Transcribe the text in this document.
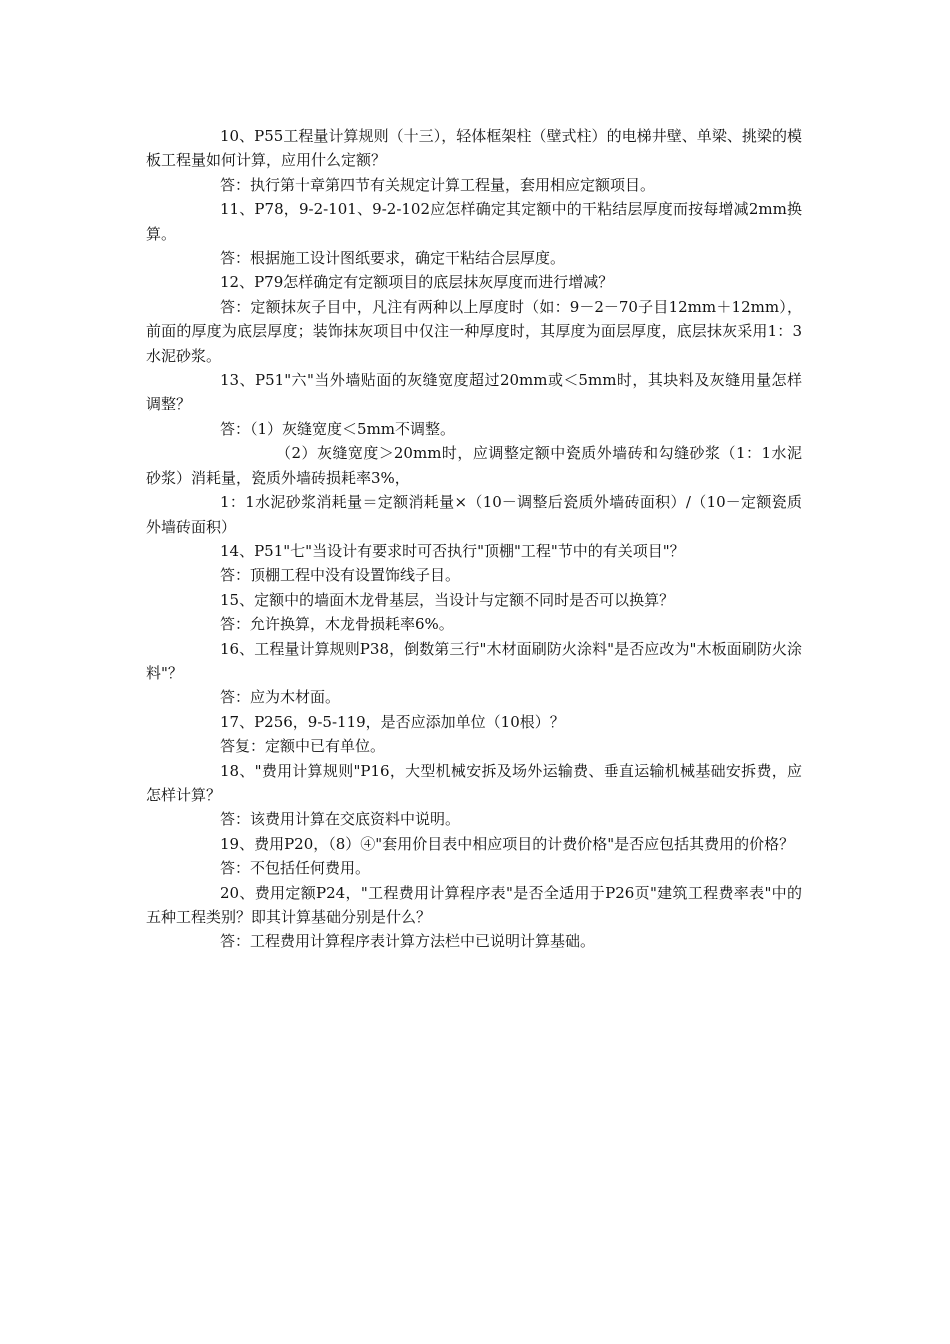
10、P55工程量计算规则（十三），轻体框架柱（壁式柱）的电梯井壁、单梁、挑梁的模板工程量如何计算，应用什么定额？

答：执行第十章第四节有关规定计算工程量，套用相应定额项目。

11、P78，9-2-101、9-2-102应怎样确定其定额中的干粘结层厚度而按每增减2mm换算。

答：根据施工设计图纸要求，确定干粘结合层厚度。

12、P79怎样确定有定额项目的底层抹灰厚度而进行增减？

答：定额抹灰子目中，凡注有两种以上厚度时（如：9－2－70子目12mm＋12mm），前面的厚度为底层厚度；装饰抹灰项目中仅注一种厚度时，其厚度为面层厚度，底层抹灰采用1：3水泥砂浆。

13、P51"六"当外墙贴面的灰缝宽度超过20mm或＜5mm时，其块料及灰缝用量怎样调整？

答：（1）灰缝宽度＜5mm不调整。

（2）灰缝宽度＞20mm时，应调整定额中瓷质外墙砖和勾缝砂浆（1：1水泥砂浆）消耗量，瓷质外墙砖损耗率3%，

1：1水泥砂浆消耗量＝定额消耗量×（10－调整后瓷质外墙砖面积）/（10－定额瓷质外墙砖面积）

14、P51"七"当设计有要求时可否执行"顶棚"工程"节中的有关项目"？

答：顶棚工程中没有设置饰线子目。

15、定额中的墙面木龙骨基层，当设计与定额不同时是否可以换算？

答：允许换算，木龙骨损耗率6%。

16、工程量计算规则P38，倒数第三行"木材面刷防火涂料"是否应改为"木板面刷防火涂料"？

答：应为木材面。

17、P256，9-5-119，是否应添加单位（10根）？

答复：定额中已有单位。

18、"费用计算规则"P16，大型机械安拆及场外运输费、垂直运输机械基础安拆费，应怎样计算？

答：该费用计算在交底资料中说明。

19、费用P20，（8）④"套用价目表中相应项目的计费价格"是否应包括其费用的价格？

答：不包括任何费用。

20、费用定额P24，"工程费用计算程序表"是否全适用于P26页"建筑工程费率表"中的五种工程类别？即其计算基础分别是什么？

答：工程费用计算程序表计算方法栏中已说明计算基础。
